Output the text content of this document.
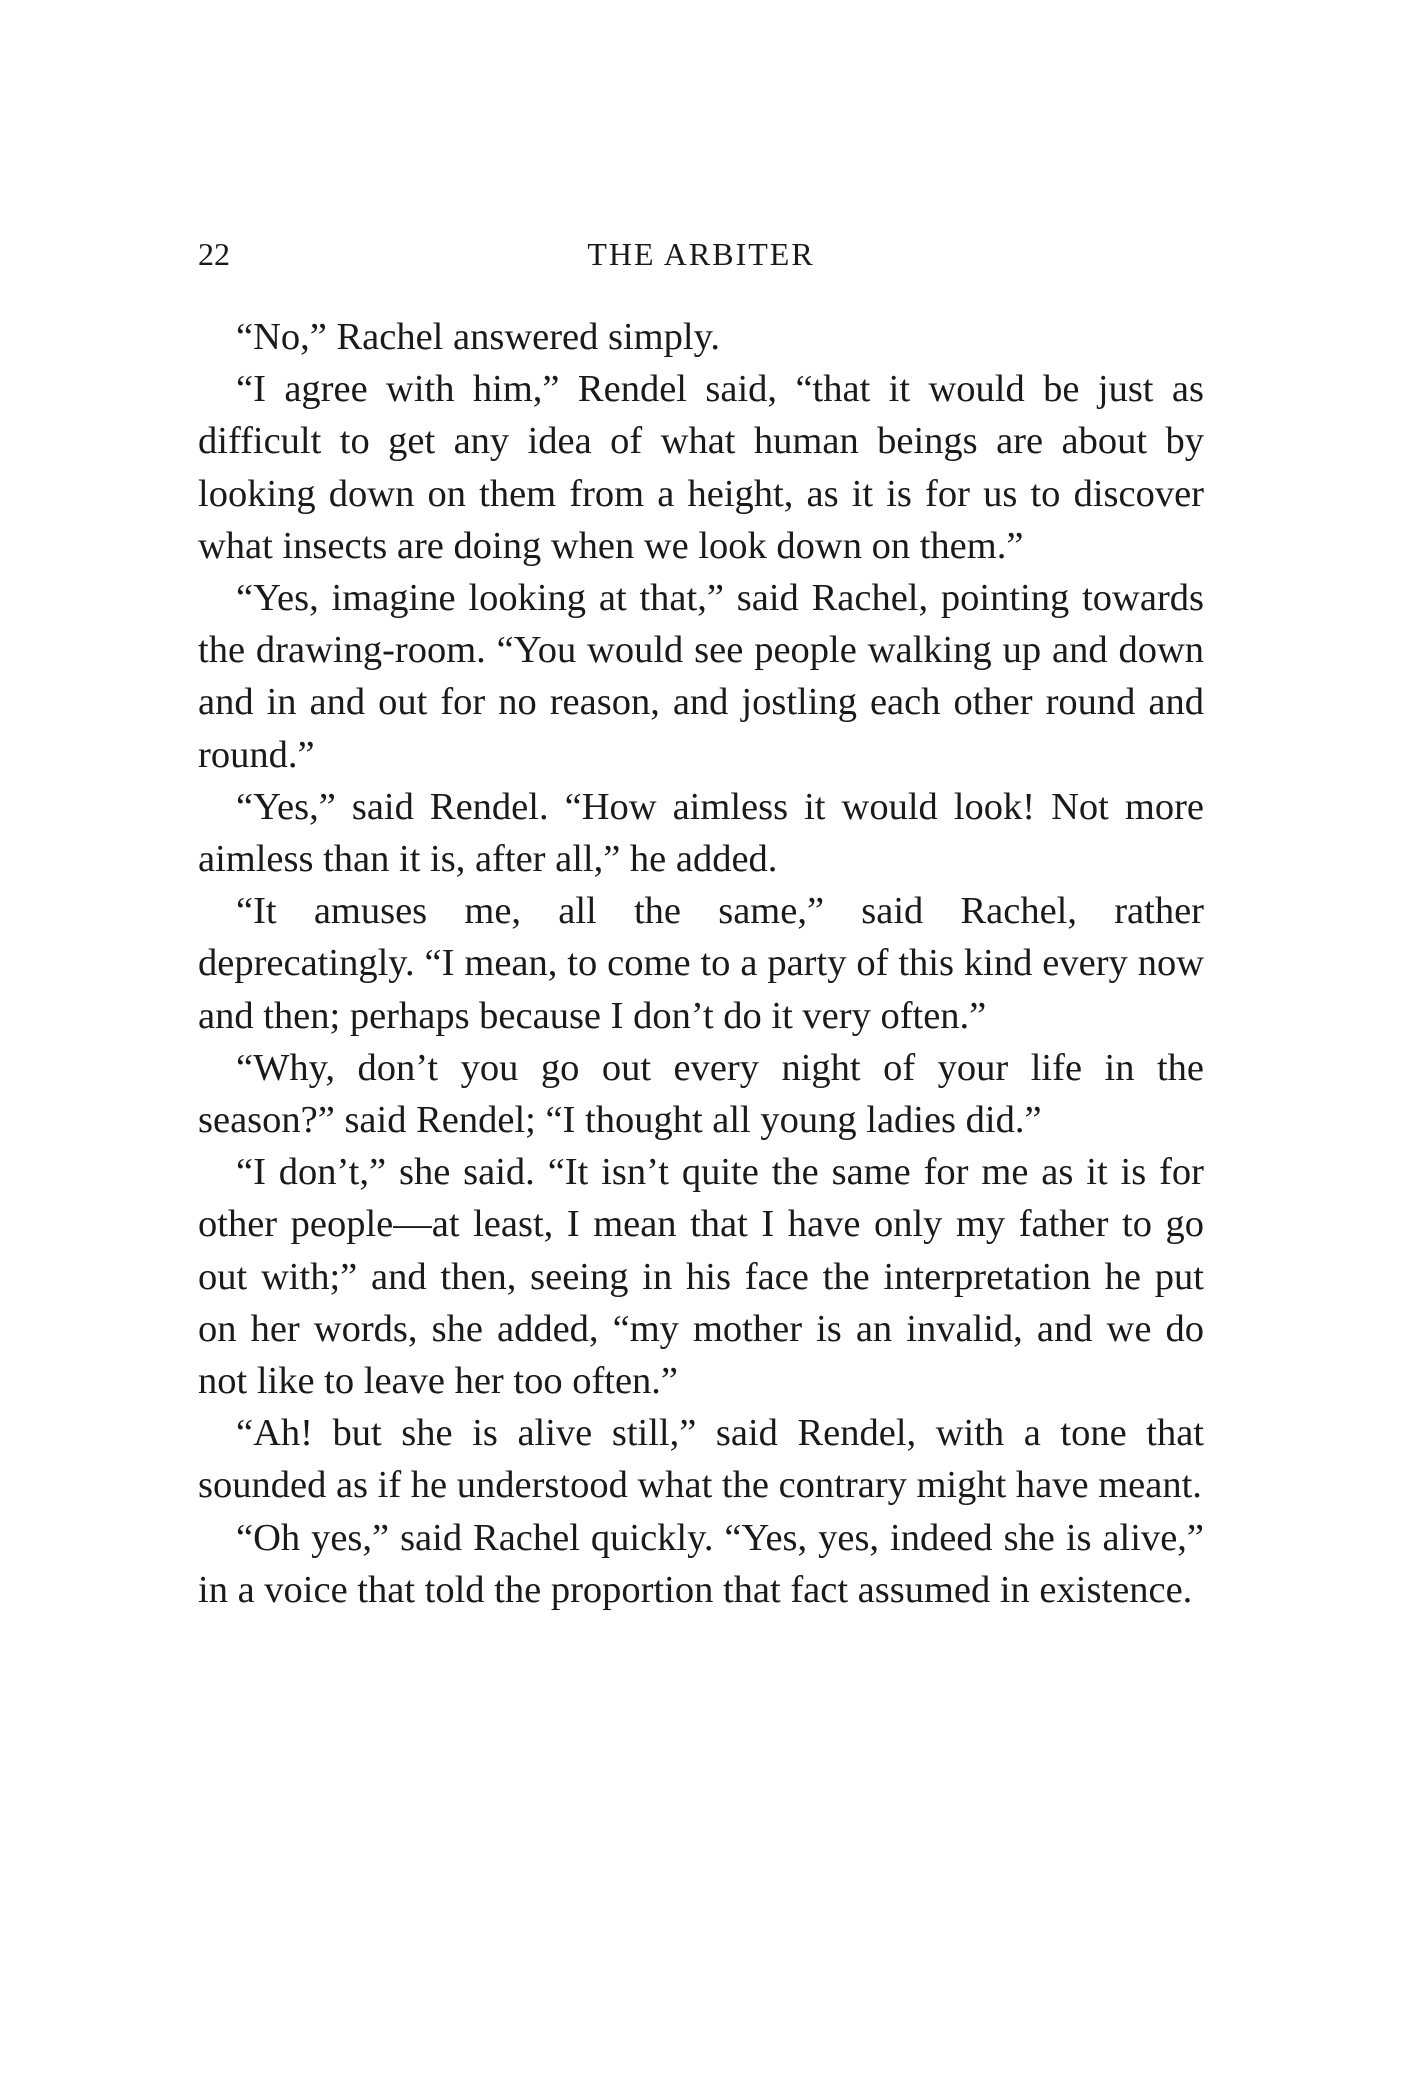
22	THE ARBITER

“No,” Rachel answered simply.

“I agree with him,” Rendel said, “that it would be just as difficult to get any idea of what human beings are about by looking down on them from a height, as it is for us to discover what insects are doing when we look down on them.”

“Yes, imagine looking at that,” said Rachel, pointing towards the drawing-room. “You would see people walking up and down and in and out for no reason, and jostling each other round and round.”

“Yes,” said Rendel. “How aimless it would look! Not more aimless than it is, after all,” he added.

“It amuses me, all the same,” said Rachel, rather deprecatingly. “I mean, to come to a party of this kind every now and then; perhaps because I don’t do it very often.”

“Why, don’t you go out every night of your life in the season?” said Rendel; “I thought all young ladies did.”

“I don’t,” she said. “It isn’t quite the same for me as it is for other people—at least, I mean that I have only my father to go out with;” and then, seeing in his face the interpretation he put on her words, she added, “my mother is an invalid, and we do not like to leave her too often.”

“Ah! but she is alive still,” said Rendel, with a tone that sounded as if he understood what the contrary might have meant.

“Oh yes,” said Rachel quickly. “Yes, yes, indeed she is alive,” in a voice that told the proportion that fact assumed in existence.
